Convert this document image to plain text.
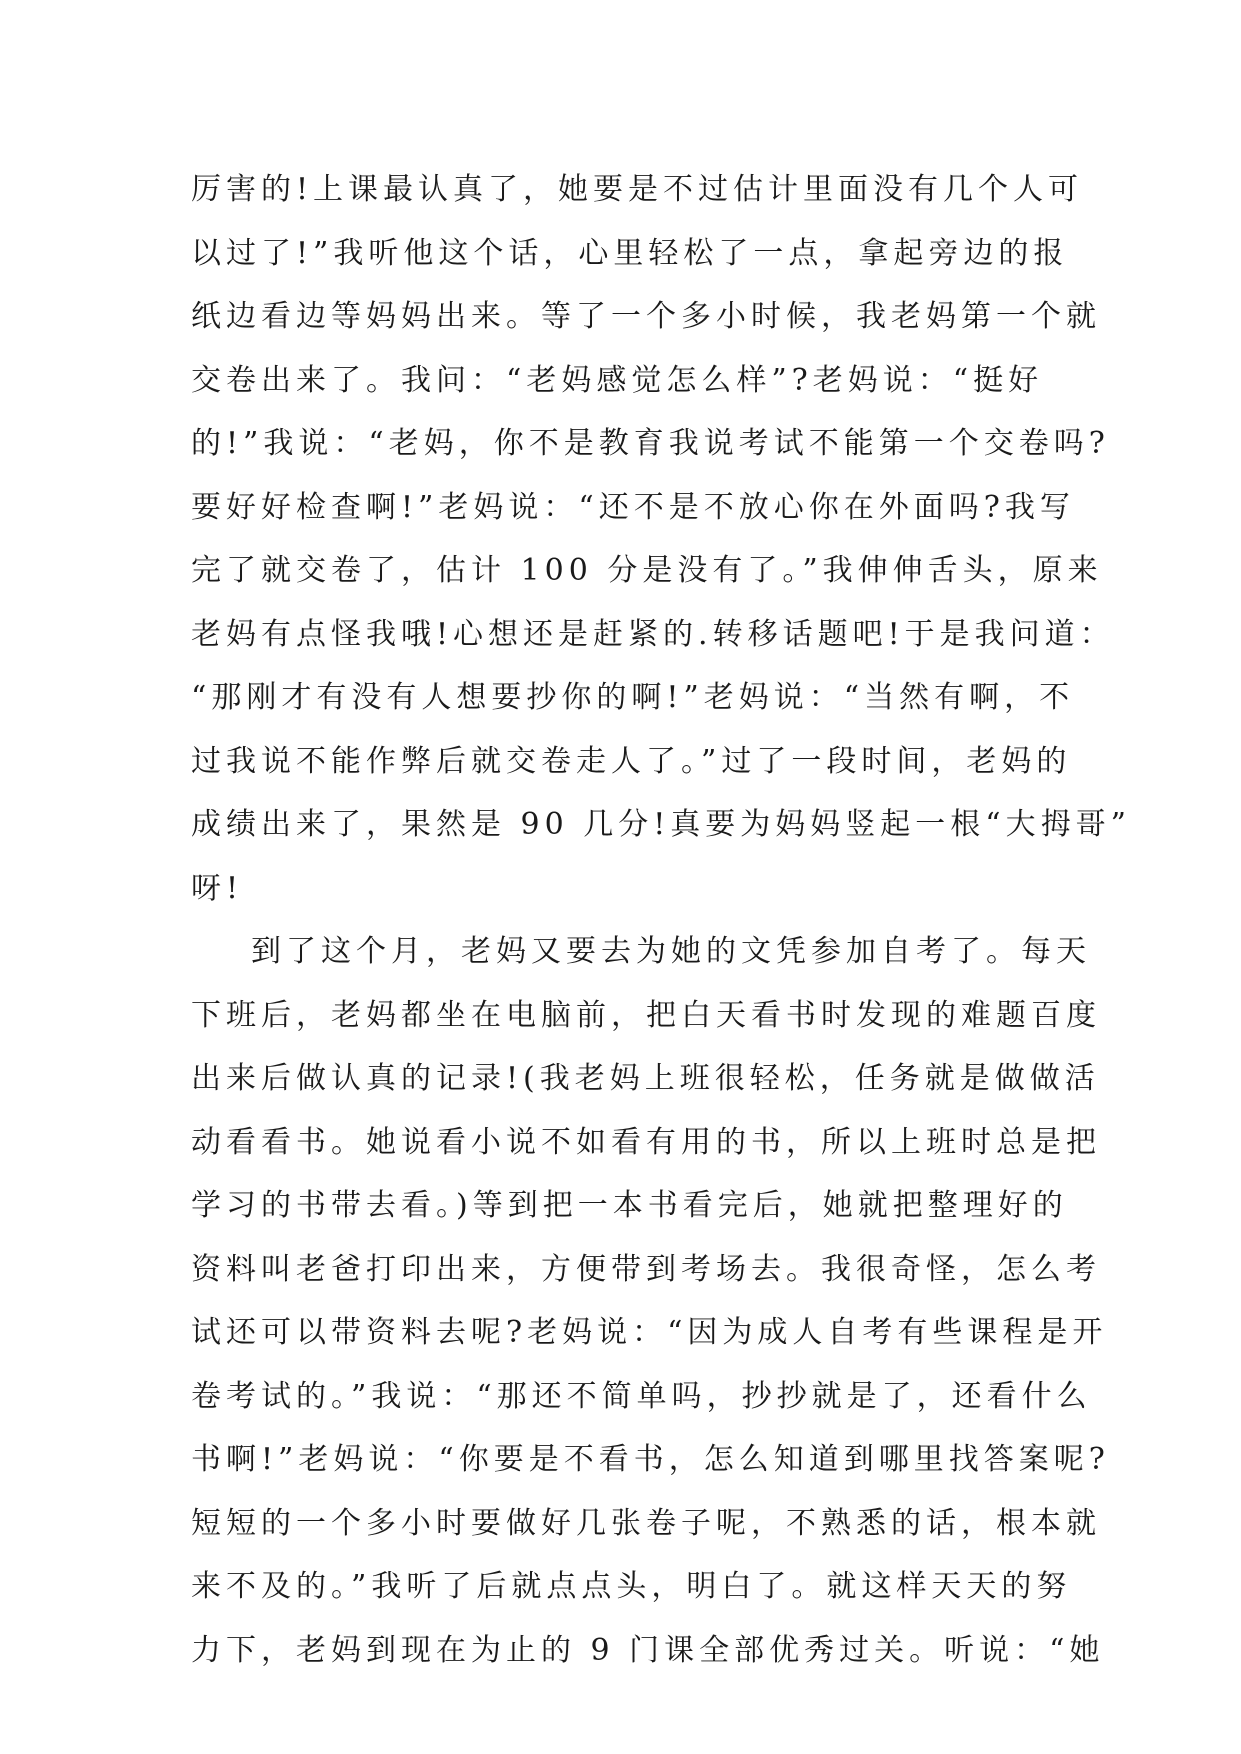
厉害的!上课最认真了，她要是不过估计里面没有几个人可
以过了!”我听他这个话，心里轻松了一点，拿起旁边的报
纸边看边等妈妈出来。等了一个多小时候，我老妈第一个就
交卷出来了。我问：“老妈感觉怎么样”?老妈说：“挺好
的!”我说：“老妈，你不是教育我说考试不能第一个交卷吗?
要好好检查啊!”老妈说：“还不是不放心你在外面吗?我写
完了就交卷了，估计 100 分是没有了。”我伸伸舌头，原来
老妈有点怪我哦!心想还是赶紧的.转移话题吧!于是我问道：
“那刚才有没有人想要抄你的啊!”老妈说：“当然有啊，不
过我说不能作弊后就交卷走人了。”过了一段时间，老妈的
成绩出来了，果然是 90 几分!真要为妈妈竖起一根“大拇哥”
呀!
到了这个月，老妈又要去为她的文凭参加自考了。每天
下班后，老妈都坐在电脑前，把白天看书时发现的难题百度
出来后做认真的记录!(我老妈上班很轻松，任务就是做做活
动看看书。她说看小说不如看有用的书，所以上班时总是把
学习的书带去看。)等到把一本书看完后，她就把整理好的
资料叫老爸打印出来，方便带到考场去。我很奇怪，怎么考
试还可以带资料去呢?老妈说：“因为成人自考有些课程是开
卷考试的。”我说：“那还不简单吗，抄抄就是了，还看什么
书啊!”老妈说：“你要是不看书，怎么知道到哪里找答案呢?
短短的一个多小时要做好几张卷子呢，不熟悉的话，根本就
来不及的。”我听了后就点点头，明白了。就这样天天的努
力下，老妈到现在为止的 9 门课全部优秀过关。听说：“她
